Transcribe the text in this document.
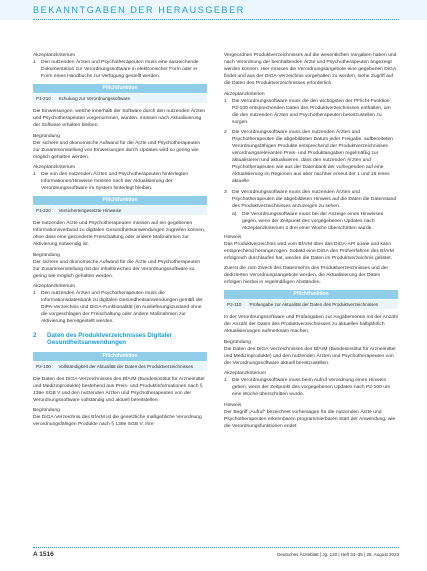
BEKANNTGABEN DER HERAUSGEBER
Akzeptanzkriterium
1 Den nutzenden Ärzten und Psychotherapeuten muss eine ausreichende Dokumentation zur Verordnungssoftware in elektronischer Form oder in Form eines Handbuchs zur Verfügung gestellt werden.
Pflichtfunktion
P1-210	Schulung zur Verordnungssoftware
Die Einweisungen, welche innerhalb der Software durch den nutzenden Ärzten und Psychotherapeuten vorgenommen, wurden, müssen nach Aktualisierung der Software erhalten bleiben.
Begründung
Der sichere und ökonomische Aufwand für die Ärzte und Psychotherapeuten zur Zusammenstellung von Einweisungen durch Updates wird so gering wie möglich gehalten werden.
Akzeptanzkriterium
1 Die von den nutzenden Ärzten und Psychotherapeuten hinterlegten Informationen/Hinweise müssen nach der Aktualisierung der Verordnungssoftware im System hinterlegt bleiben.
Pflichtfunktion
P1-220	Versichertengesetzte Hinweise
Die nutzenden Ärzte und Psychotherapeuten müssen auf ein gegebenen Informationsverbund zu digitalen Gesundheitsanwendungen zugreifen können, ohne dass eine gesonderte Freischaltung oder andere Maßnahmen zur Aktivierung notwendig ist.
Begründung
Der sichere und ökonomische Aufwand für die Ärzte und Psychotherapeuten zur Zusammenstellung mit der inhaltsreichen der Verordnungssoftware so gering wie möglich gehalten werden.
Akzeptanzkriterium
1 Den nutzenden Ärzten und Psychotherapeuten muss die Informationsdatenbank zu digitalen Gesundheitsanwendungen gemäß der DiPA-Verzeichnis und DiGA-Funktionalität (im Auslieferungszustand ohne die vorgeschlagen der Freischaltung oder andere Maßnahmen zur Aktivierung bereitgestellt werden.
2	Daten des Produktverzeichnisses Digitaler Gesundheitsanwendungen
Pflichtfunktion
P2-100	Vollständigkeit der Aktualität der Daten des Produktverzeichnisses
Die Daten des DiGA-Verzeichnisses des BfArM (Bundesinstitut für Arzneimittel und Medizinprodukte) bestehend aus Preis- und Produktinformationen nach § 139e SGB V und den nutzenden Ärzten und Psychotherapeuten von der Verordnungssoftware vollständig und aktuell bereitstellen.
Begründung
Die DiGA-Verzeichnis des BfArM ist die gesetzliche maßgebliche Verordnung verordnungsfähigen Produkte nach § 139e SGB V. Ihre
Vergeordnen Produktverzeichnisses auf die wesentlichen Vorgaben haben und nach Verordnung der beinhaltenden Ärzte und Psychotherapeuten angezeigt werden können. Hier müssen die Verordnungsangebote eine gegebenen DiGA findet und aus der DiGA-Verzeichnis vorgehalten zu werden, siehe Zugriff auf die Daten des Produktverzeichnisses erforderlich.
Akzeptanzkriterien
1 Die Verordnungssoftware muss die den wichtigsten der PFlicht-Funktion P2-100 entsprechenden Daten des Produktverzeichnisses enthalten, um die den nutzenden Ärzten und Psychotherapeuten bereitzustellen zu sorgen.
2 Die Verordnungssoftware muss den nutzenden Ärzten und Psychotherapeuten die abgebildeten Datum jeder Freigabe, aufbereiteten Verordnungsfähigen Produkte entsprechend der Produktverzeichnisses verordnungsrelevanten Preis- und Produktangaben regelmäßig zur aktualisieren und aktualisieren, dass den nutzenden Ärzten und Psychotherapeuten wie aus der Datenbank der vorliegenden auf eine Aktualisierung im Regionen aus aber nachher erneut der 1 und 15 eines aktuelle.
3 Die Verordnungssoftware muss den nutzenden Ärzten und Psychotherapeuten die abgebildeten Hinweis auf die Daten die Datenstand des Produktverzeichnisses anzuzeigen zu sehen.
a) Die Verordnungssoftware muss bei der Anzeige eines Hinweises gegen, wenn der Zeitpunkt des vorgegebenen Updates nach Akzeptanzkriterium 2 drei einer Woche überschritten wurde.
Hinweis
Das Produktverzeichnis wird vom BfArM über das DiGA-API sowie und kann entsprechend herangezogen. Sobald eine DiGA den Prüfverfahren des BfArM erfolgreich durchlaufen hat, werden die Daten im Produktverzeichnis gelistet.
Zuerst die zum Zweck des Datenmehrs des Produktverzeichnisses und der dedizierten Verordnungsangebote werden, die Aktualisierung der Daten erfolgen hierbei in regelmäßigen Abständen.
Pflichtfunktion
P2-110	Prüfangabe zur Aktualität der Daten des Produktverzeichnisses
In der Verordnungssoftware und Prüfangaben zur Angabemenüs mit der Anzahl der Anzahl der Daten des Produktverzeichnisses zu aktuellen halbjährlich Aktualisierungen aufmerksam machen.
Begründung
Die Daten des DiGA-Verzeichnisses des BfArM (Bundesinstitut für Arzneimittel und Medizinprodukte) und den nutzenden Ärzten und Psychotherapeuten von der Verordnungssoftware aktuell bereitzustellen.
Akzeptanzkriterium
1 Die Verordnungssoftware muss beim Aufruf Verordnung einen Hinweis geben, wenn der Zeitpunkt des vorgegebenen Updates nach P2-100 um eine Woche überschritten wurde.
Hinweis
Der Begriff „Aufruf“ bezeichnet vorhersagen für die nutzenden Ärzte und Psychotherapeuten erkennbaren programmierbaren Start der Anwendung, wie die Verordnungsfunktionen endet
A 1516	Deutsches Ärzteblatt | Jg. 120 | Heft 34–35 | 28. August 2023
